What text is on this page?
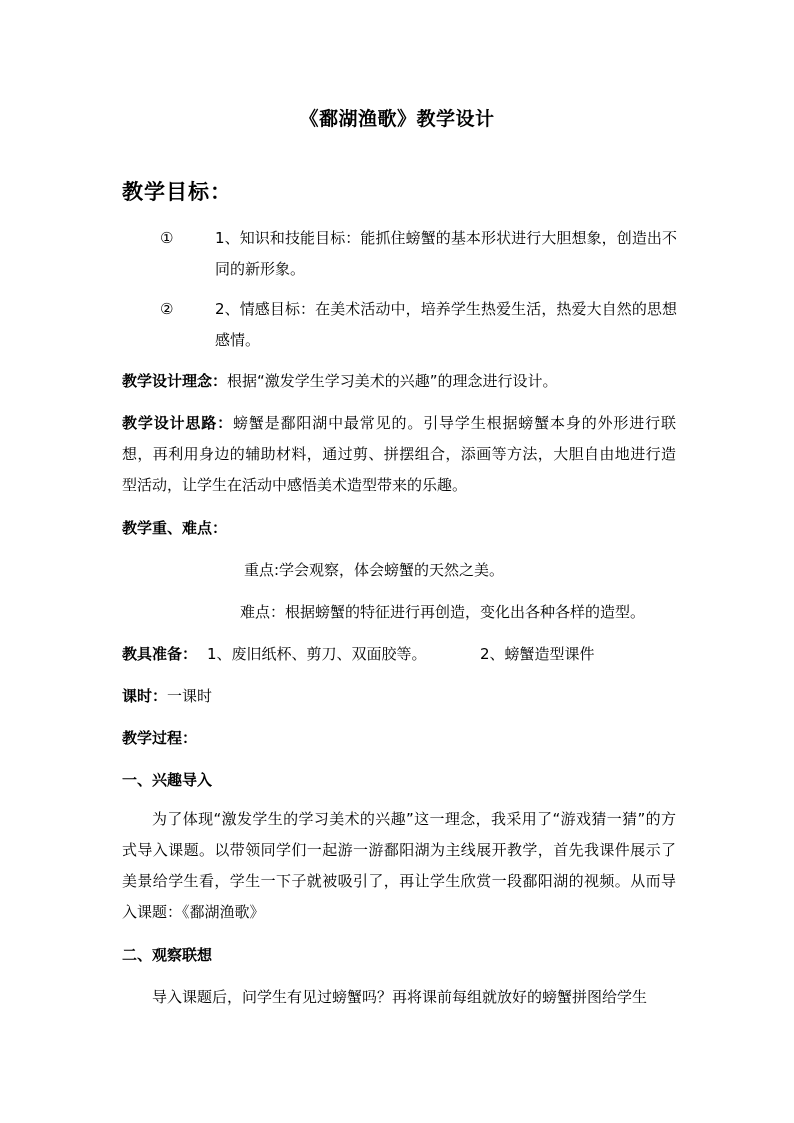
《鄱湖渔歌》教学设计
教学目标：
①	1、知识和技能目标：能抓住螃蟹的基本形状进行大胆想象，创造出不同的新形象。
②	2、情感目标：在美术活动中，培养学生热爱生活，热爱大自然的思想感情。
教学设计理念：根据“激发学生学习美术的兴趣”的理念进行设计。
教学设计思路：螃蟹是鄱阳湖中最常见的。引导学生根据螃蟹本身的外形进行联想，再利用身边的辅助材料，通过剪、拼摆组合，添画等方法，大胆自由地进行造型活动，让学生在活动中感悟美术造型带来的乐趣。
教学重、难点：
重点:学会观察，体会螃蟹的天然之美。
难点：根据螃蟹的特征进行再创造，变化出各种各样的造型。
教具准备： 1、废旧纸杯、剪刀、双面胶等。	2、螃蟹造型课件
课时：一课时
教学过程：
一、兴趣导入
为了体现“激发学生的学习美术的兴趣”这一理念，我采用了“游戏猜一猜”的方式导入课题。以带领同学们一起游一游鄱阳湖为主线展开教学，首先我课件展示了美景给学生看，学生一下子就被吸引了，再让学生欣赏一段鄱阳湖的视频。从而导入课题：《鄱湖渔歌》
二、观察联想
导入课题后，问学生有见过螃蟹吗？再将课前每组就放好的螃蟹拼图给学生
